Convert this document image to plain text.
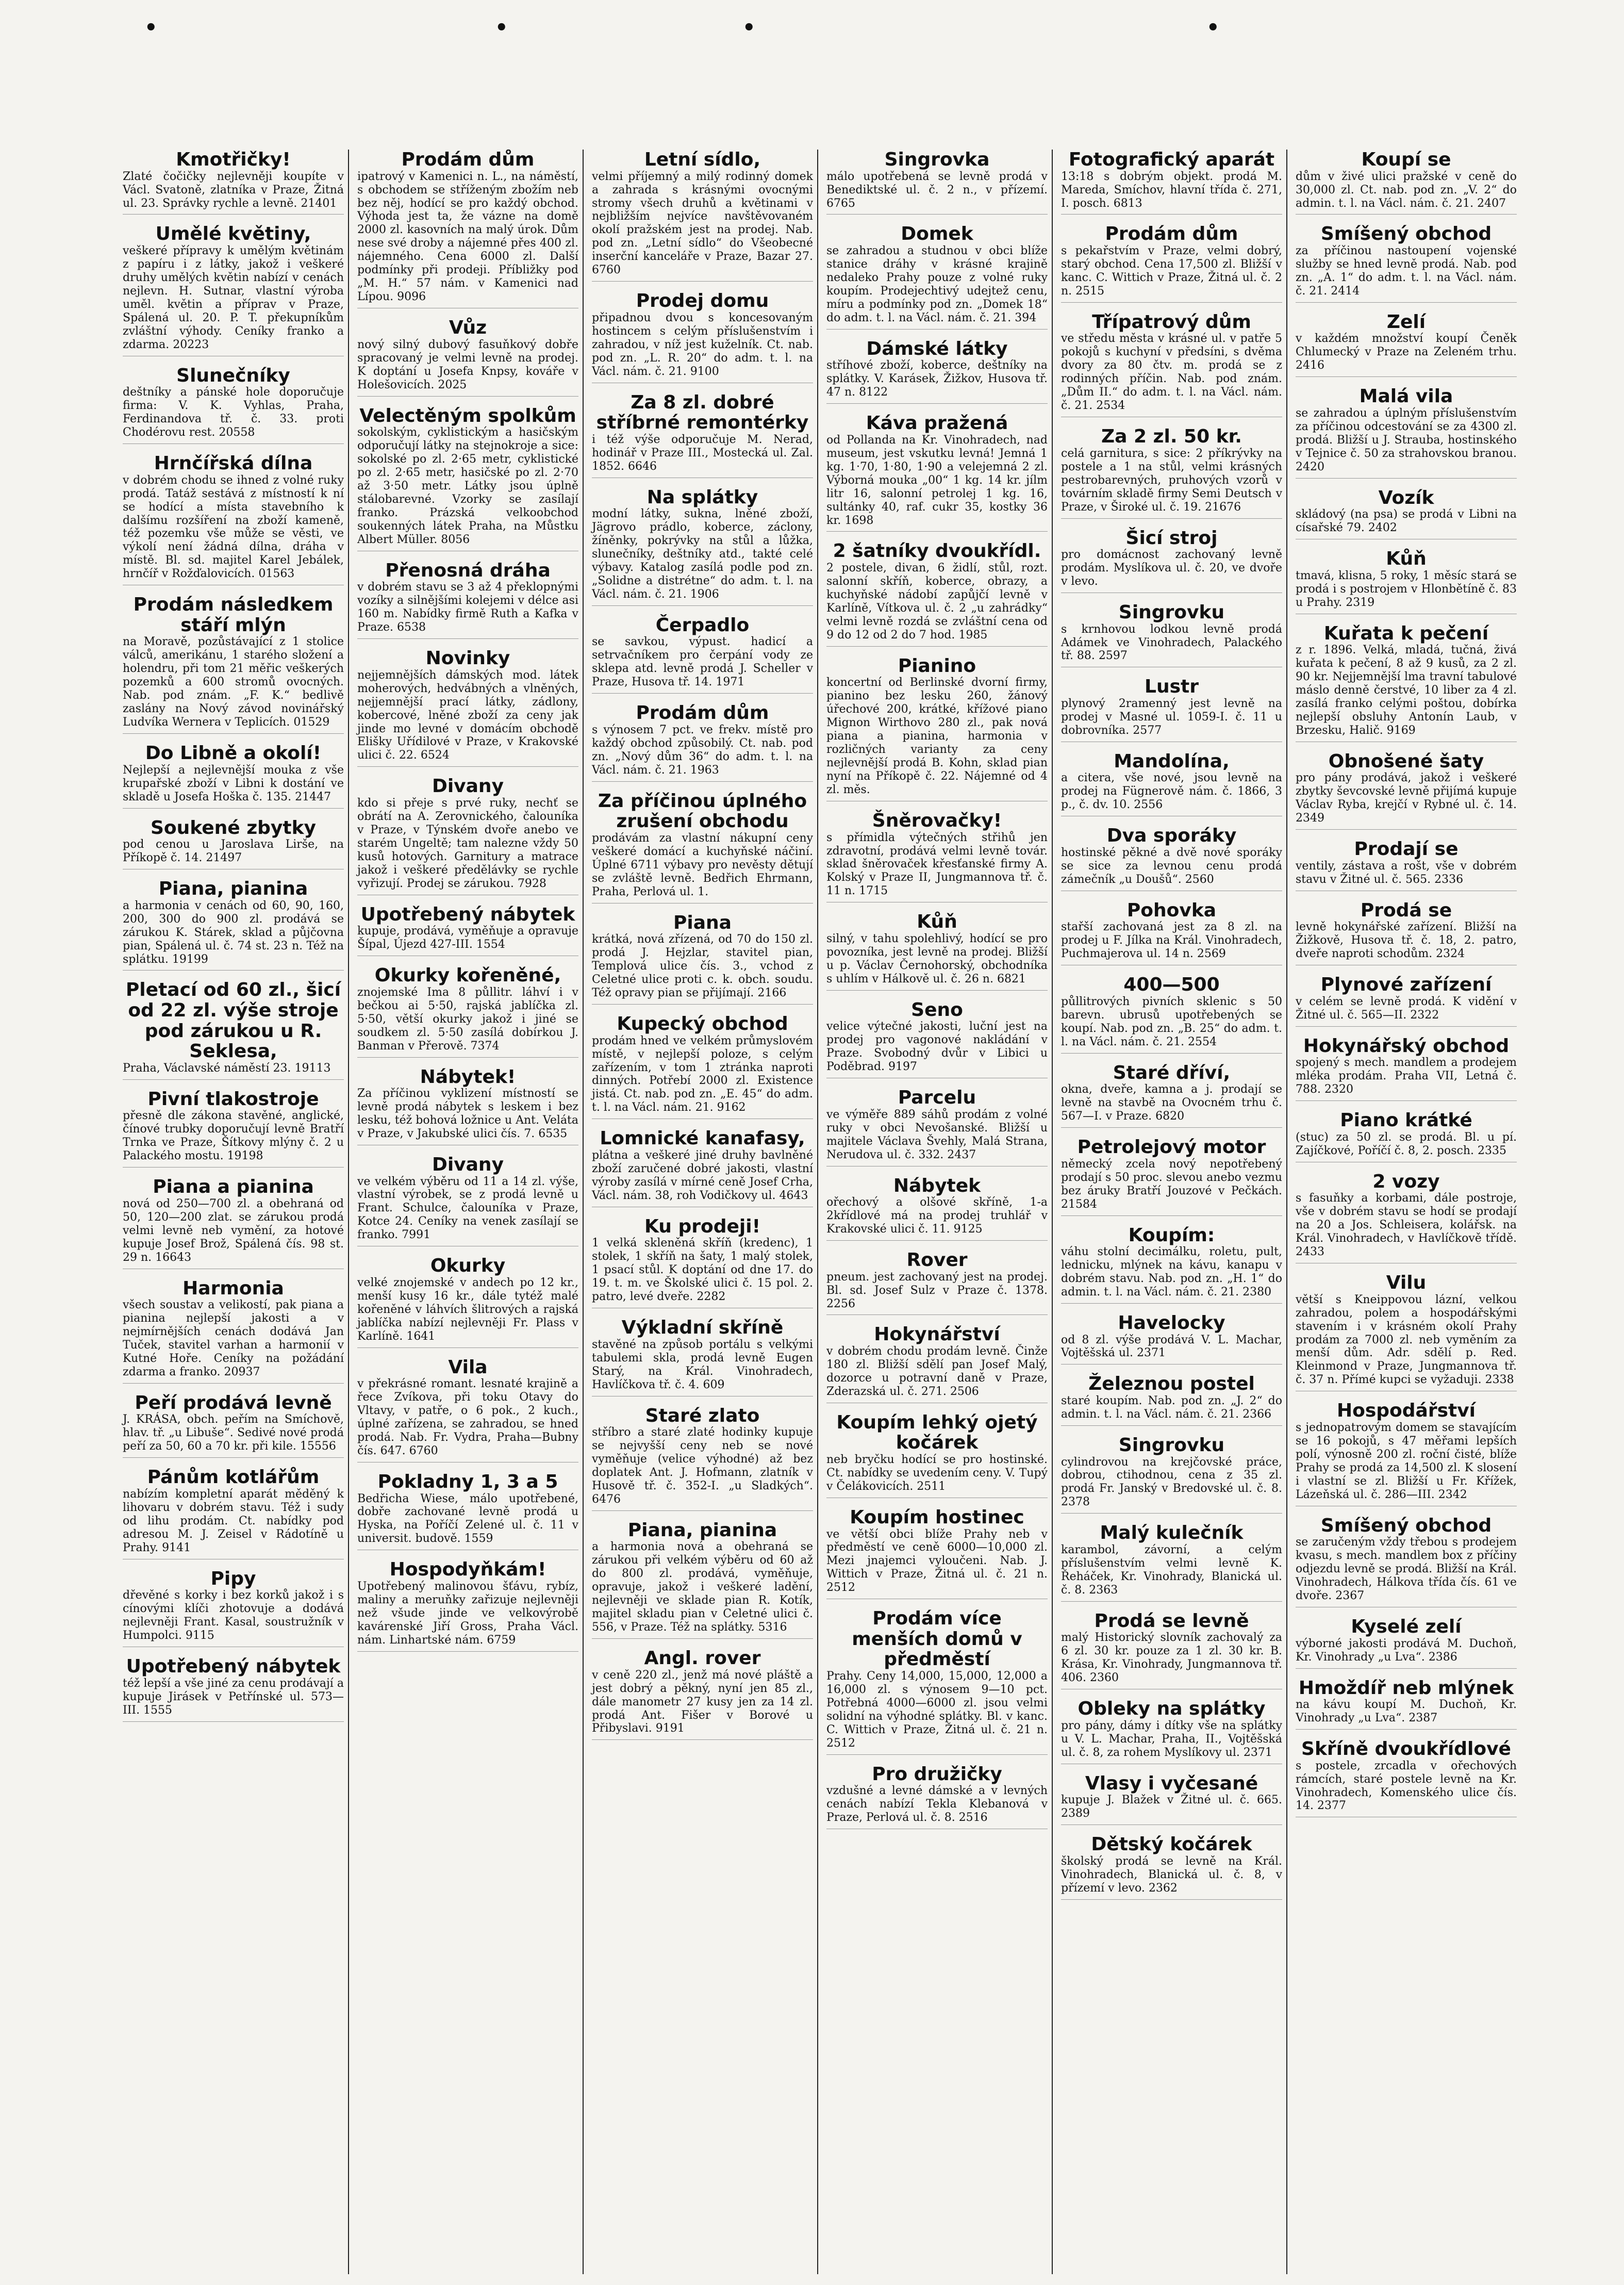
•	•	•	•
Kmotřičky!
Zlaté čočičky nejlevněji koupíte v Václ. Svatoně, zlatníka v Praze, Žitná ul. 23. Správky rychle a levně. 21401
Umělé květiny,
veškeré přípravy k umělým květinám z papíru i z látky, jakož i veškeré druhy umělých květin nabízí v cenách nejlevn. H. Sutnar, vlastní výroba uměl. květin a příprav v Praze, Spálená ul. 20. P. T. překupníkům zvláštní výhody. Ceníky franko a zdarma. 20223
Slunečníky
deštníky a pánské hole doporučuje firma: V. K. Vyhlas, Praha, Ferdinandova tř. č. 33. proti Chodérovu rest. 20558
Hrnčířská dílna
v dobrém chodu se ihned z volné ruky prodá. Tatáž sestává z místností k ní se hodící a místa stavebního k dalšímu rozšíření na zboží kameně, též pozemku vše může se věsti, ve výkolí není žádná dílna, dráha v místě. Bl. sd. majitel Karel Jebálek, hrnčíř v Rožďalovicích. 01563
Prodám následkem stáří mlýn
na Moravě, pozůstávající z 1 stolice válců, amerikánu, 1 starého složení a holendru, při tom 21 měřic veškerých pozemků a 600 stromů ovocných. Nab. pod znám. „F. K.“ bedlivě zaslány na Nový závod novinářský Ludvíka Wernera v Teplicích. 01529
Do Libně a okolí!
Nejlepší a nejlevnější mouka z vše krupařské zboží v Libni k dostání ve skladě u Josefa Hoška č. 135. 21447
Soukené zbytky
pod cenou u Jaroslava Lirše, na Příkopě č. 14. 21497
Piana, pianina
a harmonia v cenách od 60, 90, 160, 200, 300 do 900 zl. prodává se zárukou K. Stárek, sklad a půjčovna pian, Spálená ul. č. 74 st. 23 n. Též na splátku. 19199
Pletací od 60 zl., šicí od 22 zl. výše stroje pod zárukou u R. Seklesa,
Praha, Václavské náměstí 23. 19113
Pivní tlakostroje
přesně dle zákona stavěné, anglické, čínové trubky doporučují levně Bratří Trnka ve Praze, Šítkovy mlýny č. 2 u Palackého mostu. 19198
Piana a pianina
nová od 250—700 zl. a obehraná od 50, 120—200 zlat. se zárukou prodá velmi levně neb vymění, za hotové kupuje Josef Brož, Spálená čís. 98 st. 29 n. 16643
Harmonia
všech soustav a velikostí, pak piana a pianina nejlepší jakosti a v nejmírnějších cenách dodává Jan Tuček, stavitel varhan a harmonií v Kutné Hoře. Ceníky na požádání zdarma a franko. 20937
Peří prodává levně
J. KRÁSA, obch. peřím na Smíchově, hlav. tř. „u Libuše“. Sedivé nové prodá peří za 50, 60 a 70 kr. při kile. 15556
Pánům kotlářům
nabízím kompletní aparát měděný k lihovaru v dobrém stavu. Též i sudy od lihu prodám. Ct. nabídky pod adresou M. J. Zeisel v Rádotíně u Prahy. 9141
Pipy
dřevěné s korky i bez korků jakož i s cínovými klíči zhotovuje a dodává nejlevněji Frant. Kasal, soustružník v Humpolci. 9115
Upotřebený nábytek
též lepší a vše jiné za cenu prodávají a kupuje Jirásek v Petřínské ul. 573—III. 1555
Prodám dům
ipatrový v Kamenici n. L., na náměstí, s obchodem se stříženým zbožím neb bez něj, hodící se pro každý obchod. Výhoda jest ta, že vázne na domě 2000 zl. kasovních na malý úrok. Dům nese své droby a nájemné přes 400 zl. nájemného. Cena 6000 zl. Další podmínky při prodeji. Příbližky pod „M. H.“ 57 nám. v Kamenici nad Lípou. 9096
Vůz
nový silný dubový fasuňkový dobře spracovaný je velmi levně na prodej. K doptání u Josefa Knpsy, kováře v Holešovicích. 2025
Velectěným spolkům
sokolským, cyklistickým a hasičským odporučují látky na stejnokroje a sice: sokolské po zl. 2·65 metr, cyklistické po zl. 2·65 metr, hasičské po zl. 2·70 až 3·50 metr. Látky jsou úplně stálobarevné. Vzorky se zasílají franko. Prázská velkoobchod soukenných látek Praha, na Můstku Albert Müller. 8056
Přenosná dráha
v dobrém stavu se 3 až 4 překlopnými vozíky a silnějšími kolejemi v délce asi 160 m. Nabídky firmě Ruth a Kafka v Praze. 6538
Novinky
nejjemnějších dámských mod. látek moherových, hedvábných a vlněných, nejjemnější prací látky, zádlony, kobercové, lněné zboží za ceny jak jinde mo levné v domácím obchodě Elišky Uřídilové v Praze, v Krakovské ulici č. 22. 6524
Divany
kdo si přeje s prvé ruky, nechť se obrátí na A. Zerovnického, čalouníka v Praze, v Týnském dvoře anebo ve starém Ungeltě; tam nalezne vždy 50 kusů hotových. Garnitury a matrace jakož i veškeré předělávky se rychle vyřizují. Prodej se zárukou. 7928
Upotřebený nábytek
kupuje, prodává, vyměňuje a opravuje Šípal, Újezd 427-III. 1554
Okurky kořeněné,
znojemské Ima 8 půllitr. láhví i v bečkou ai 5·50, rajská jablíčka zl. 5·50, větší okurky jakož i jiné se soudkem zl. 5·50 zasílá dobírkou J. Banman v Přerově. 7374
Nábytek!
Za příčinou vyklizení místností se levně prodá nábytek s leskem i bez lesku, též bohová ložnice u Ant. Veláta v Praze, v Jakubské ulici čís. 7. 6535
Divany
ve velkém výběru od 11 a 14 zl. výše, vlastní výrobek, se z prodá levně u Frant. Schulce, čalouníka v Praze, Kotce 24. Ceníky na venek zasílají se franko. 7991
Okurky
velké znojemské v andech po 12 kr., menší kusy 16 kr., dále tytéž malé kořeněné v láhvích šlitrových a rajská jablíčka nabízí nejlevněji Fr. Plass v Karlíně. 1641
Vila
v překrásné romant. lesnaté krajině a řece Zvíkova, při toku Otavy do Vltavy, v patře, o 6 pok., 2 kuch., úplné zařízena, se zahradou, se hned prodá. Nab. Fr. Vydra, Praha—Bubny čís. 647. 6760
Pokladny 1, 3 a 5
Bedřicha Wiese, málo upotřebené, dobře zachované levně prodá u Hyska, na Poříčí Zelené ul. č. 11 v universit. budově. 1559
Hospodyňkám!
Upotřebený malinovou šťávu, rybíz, maliny a meruňky zařizuje nejlevněji než všude jinde ve velkovýrobě kavárenské Jiří Gross, Praha Václ. nám. Linhartské nám. 6759
Letní sídlo,
velmi příjemný a milý rodinný domek a zahrada s krásnými ovocnými stromy všech druhů a květinami v nejbližším nejvíce navštěvovaném okolí pražském jest na prodej. Nab. pod zn. „Letní sídlo“ do Všeobecné inserční kanceláře v Praze, Bazar 27. 6760
Prodej domu
připadnou dvou s koncesovaným hostincem s celým příslušenstvím i zahradou, v níž jest kuželník. Ct. nab. pod zn. „L. R. 20“ do adm. t. l. na Václ. nám. č. 21. 9100
Za 8 zl. dobré stříbrné remontérky
i též výše odporučuje M. Nerad, hodinář v Praze III., Mostecká ul. Zal. 1852. 6646
Na splátky
modní látky, sukna, lněné zboží, Jägrovo prádlo, koberce, záclony, žíněnky, pokrývky na stůl a lůžka, slunečníky, deštníky atd., takté celé výbavy. Katalog zasílá podle pod zn. „Solidne a distrétne“ do adm. t. l. na Václ. nám. č. 21. 1906
Čerpadlo
se savkou, výpust. hadicí a setrvačníkem pro čerpání vody ze sklepa atd. levně prodá J. Scheller v Praze, Husova tř. 14. 1971
Prodám dům
s výnosem 7 pct. ve frekv. místě pro každý obchod způsobilý. Ct. nab. pod zn. „Nový dům 36“ do adm. t. l. na Václ. nám. č. 21. 1963
Za příčinou úplného zrušení obchodu
prodávám za vlastní nákupní ceny veškeré domácí a kuchyňské náčiní. Úplné 6711 výbavy pro nevěsty dětují se zvláště levně. Bedřich Ehrmann, Praha, Perlová ul. 1.
Piana
krátká, nová zřízená, od 70 do 150 zl. prodá J. Hejzlar, stavitel pian, Templová ulice čís. 3., vchod z Celetné ulice proti c. k. obch. soudu. Též opravy pian se přijímají. 2166
Kupecký obchod
prodám hned ve velkém průmyslovém místě, v nejlepší poloze, s celým zařízením, v tom 1 ztránka naproti dinných. Potřebí 2000 zl. Existence jistá. Ct. nab. pod zn. „E. 45“ do adm. t. l. na Václ. nám. 21. 9162
Lomnické kanafasy,
plátna a veškeré jiné druhy bavlněné zboží zaručené dobré jakosti, vlastní výroby zasílá v mírné ceně Josef Crha, Václ. nám. 38, roh Vodičkovy ul. 4643
Ku prodeji!
1 velká skleněná skříň (kredenc), 1 stolek, 1 skříň na šaty, 1 malý stolek, 1 psací stůl. K doptání od dne 17. do 19. t. m. ve Školské ulici č. 15 pol. 2. patro, levé dveře. 2282
Výkladní skříně
stavěné na způsob portálu s velkými tabulemi skla, prodá levně Eugen Starý, na Král. Vinohradech, Havlíčkova tř. č. 4. 609
Staré zlato
stříbro a staré zlaté hodinky kupuje se nejvyšší ceny neb se nové vyměňuje (velice výhodné) až bez doplatek Ant. J. Hofmann, zlatník v Husově tř. č. 352-I. „u Sladkých“. 6476
Piana, pianina
a harmonia nová a obehraná se zárukou při velkém výběru od 60 až do 800 zl. prodává, vyměňuje, opravuje, jakož i veškeré ladění, nejlevněji ve sklade pian R. Kotík, majitel skladu pian v Celetné ulici č. 556, v Praze. Též na splátky. 5316
Angl. rover
v ceně 220 zl., jenž má nové pláště a jest dobrý a pěkný, nyní jen 85 zl., dále manometr 27 kusy jen za 14 zl. prodá Ant. Fišer v Borové u Přibyslavi. 9191
Singrovka
málo upotřebená se levně prodá v Benediktské ul. č. 2 n., v přízemí. 6765
Domek
se zahradou a studnou v obci blíže stanice dráhy v krásné krajině nedaleko Prahy pouze z volné ruky koupím. Prodejechtivý udejtež cenu, míru a podmínky pod zn. „Domek 18“ do adm. t. l. na Václ. nám. č. 21. 394
Dámské látky
stříhové zboží, koberce, deštníky na splátky. V. Karásek, Žižkov, Husova tř. 47 n. 8122
Káva pražená
od Pollanda na Kr. Vinohradech, nad museum, jest vskutku levná! Jemná 1 kg. 1·70, 1·80, 1·90 a velejemná 2 zl. Výborná mouka „00“ 1 kg. 14 kr. jílm litr 16, salonní petrolej 1 kg. 16, sultánky 40, raf. cukr 35, kostky 36 kr. 1698
2 šatníky dvoukřídl.
2 postele, divan, 6 židlí, stůl, rozt. salonní skříň, koberce, obrazy, a kuchyňské nádobí zapůjčí levně v Karlíně, Vítkova ul. č. 2 „u zahrádky“ velmi levně rozdá se zvláštní cena od 9 do 12 od 2 do 7 hod. 1985
Pianino
koncertní od Berlinské dvorní firmy, pianino bez lesku 260, žánový úřechové 200, krátké, křížové piano Mignon Wirthovo 280 zl., pak nová piana a pianina, harmonia v rozličných varianty za ceny nejlevnější prodá B. Kohn, sklad pian nyní na Příkopě č. 22. Nájemné od 4 zl. měs.
Šněrovačky!
s přímidla výtečných střihů jen zdravotní, prodává velmi levně továr. sklad šněrovaček křesťanské firmy A. Kolský v Praze II, Jungmannova tř. č. 11 n. 1715
Kůň
silný, v tahu spolehlivý, hodící se pro povozníka, jest levně na prodej. Bližší u p. Václav Černohorský, obchodníka s uhlím v Hálkově ul. č. 26 n. 6821
Seno
velice výtečné jakosti, luční jest na prodej pro vagonové nakládání v Praze. Svobodný dvůr v Libici u Poděbrad. 9197
Parcelu
ve výměře 889 sáhů prodám z volné ruky v obci Nevošanské. Bližší u majitele Václava Švehly, Malá Strana, Nerudova ul. č. 332. 2437
Nábytek
ořechový a olšové skříně, 1-a 2křídlové má na prodej truhlář v Krakovské ulici č. 11. 9125
Rover
pneum. jest zachovaný jest na prodej. Bl. sd. Josef Sulz v Praze č. 1378. 2256
Hokynářství
v dobrém chodu prodám levně. Činže 180 zl. Bližší sdělí pan Josef Malý, dozorce u potravní daně v Praze, Zderazská ul. č. 271. 2506
Koupím lehký ojetý kočárek
neb bryčku hodící se pro hostinské. Ct. nabídky se uvedením ceny. V. Tupý v Čelákovicích. 2511
Koupím hostinec
ve větší obci blíže Prahy neb v předměstí ve ceně 6000—10,000 zl. Mezi jnajemci vyloučeni. Nab. J. Wittich v Praze, Žitná ul. č. 21 n. 2512
Prodám více menších domů v předměstí
Prahy. Ceny 14,000, 15,000, 12,000 a 16,000 zl. s výnosem 9—10 pct. Potřebná 4000—6000 zl. jsou velmi solidní na výhodné splátky. Bl. v kanc. C. Wittich v Praze, Žitná ul. č. 21 n. 2512
Pro družičky
vzdušné a levné dámské a v levných cenách nabízí Tekla Klebanová v Praze, Perlová ul. č. 8. 2516
Fotografický aparát
13:18 s dobrým objekt. prodá M. Mareda, Smíchov, hlavní třída č. 271, I. posch. 6813
Prodám dům
s pekařstvím v Praze, velmi dobrý, starý obchod. Cena 17,500 zl. Bližší v kanc. C. Wittich v Praze, Žitná ul. č. 2 n. 2515
Třípatrový dům
ve středu města v krásné ul. v patře 5 pokojů s kuchyní v předsíni, s dvěma dvory za 80 čtv. m. prodá se z rodinných příčin. Nab. pod znám. „Dům II.“ do adm. t. l. na Václ. nám. č. 21. 2534
Za 2 zl. 50 kr.
celá garnitura, s sice: 2 příkrývky na postele a 1 na stůl, velmi krásných pestrobarevných, pruhových vzorů v továrním skladě firmy Semi Deutsch v Praze, v Široké ul. č. 19. 21676
Šicí stroj
pro domácnost zachovaný levně prodám. Myslíkova ul. č. 20, ve dvoře v levo.
Singrovku
s krnhovou lodkou levně prodá Adámek ve Vinohradech, Palackého tř. 88. 2597
Lustr
plynový 2ramenný jest levně na prodej v Masné ul. 1059-I. č. 11 u dobrovníka. 2577
Mandolína,
a citera, vše nové, jsou levně na prodej na Fügnerově nám. č. 1866, 3 p., č. dv. 10. 2556
Dva sporáky
hostinské pěkné a dvě nové sporáky se sice za levnou cenu prodá zámečník „u Doušů“. 2560
Pohovka
stařší zachovaná jest za 8 zl. na prodej u F. Jílka na Král. Vinohradech, Puchmajerova ul. 14 n. 2569
400—500
půllitrových pivních sklenic s 50 barevn. ubrusů upotřebených se koupí. Nab. pod zn. „B. 25“ do adm. t. l. na Václ. nám. č. 21. 2554
Staré dříví,
okna, dveře, kamna a j. prodají se levně na stavbě na Ovocném trhu č. 567—I. v Praze. 6820
Petrolejový motor
německý zcela nový nepotřebený prodají s 50 proc. slevou anebo vezmu bez áruky Bratří Jouzové v Pečkách. 21584
Koupím:
váhu stolní decimálku, roletu, pult, lednicku, mlýnek na kávu, kanapu v dobrém stavu. Nab. pod zn. „H. 1“ do admin. t. l. na Václ. nám. č. 21. 2380
Havelocky
od 8 zl. výše prodává V. L. Machar, Vojtěšská ul. 2371
Železnou postel
staré koupím. Nab. pod zn. „J. 2“ do admin. t. l. na Václ. nám. č. 21. 2366
Singrovku
cylindrovou na krejčovské práce, dobrou, ctihodnou, cena z 35 zl. prodá Fr. Janský v Bredovské ul. č. 8. 2378
Malý kulečník
karambol, závorní, a celým příslušenstvím velmi levně K. Řeháček, Kr. Vinohrady, Blanická ul. č. 8. 2363
Prodá se levně
malý Historický slovník zachovalý za 6 zl. 30 kr. pouze za 1 zl. 30 kr. B. Krása, Kr. Vinohrady, Jungmannova tř. 406. 2360
Obleky na splátky
pro pány, dámy i dítky vše na splátky u V. L. Machar, Praha, II., Vojtěšská ul. č. 8, za rohem Myslíkovy ul. 2371
Vlasy i vyčesané
kupuje J. Blažek v Žitné ul. č. 665. 2389
Dětský kočárek
školský prodá se levně na Král. Vinohradech, Blanická ul. č. 8, v přízemí v levo. 2362
Koupí se
dům v živé ulici pražské v ceně do 30,000 zl. Ct. nab. pod zn. „V. 2“ do admin. t. l. na Václ. nám. č. 21. 2407
Smíšený obchod
za příčinou nastoupení vojenské služby se hned levně prodá. Nab. pod zn. „A. 1“ do adm. t. l. na Václ. nám. č. 21. 2414
Zelí
v každém množství koupí Čeněk Chlumecký v Praze na Zeleném trhu. 2416
Malá vila
se zahradou a úplným příslušenstvím za příčinou odcestování se za 4300 zl. prodá. Bližší u J. Strauba, hostinského v Tejnice č. 50 za strahovskou branou. 2420
Vozík
skládový (na psa) se prodá v Libni na císařské 79. 2402
Kůň
tmavá, klisna, 5 roky, 1 měsíc stará se prodá i s postrojem v Hlonbětíně č. 83 u Prahy. 2319
Kuřata k pečení
z r. 1896. Velká, mladá, tučná, živá kuřata k pečení, 8 až 9 kusů, za 2 zl. 90 kr. Nejjemnější lma travní tabulové máslo denně čerstvé, 10 liber za 4 zl. zasílá franko celými poštou, dobírka nejlepší obsluhy Antonín Laub, v Brzesku, Halič. 9169
Obnošené šaty
pro pány prodává, jakož i veškeré zbytky ševcovské levně přijímá kupuje Václav Ryba, krejčí v Rybné ul. č. 14. 2349
Prodají se
ventily, zástava a rošt, vše v dobrém stavu v Žitné ul. č. 565. 2336
Prodá se
levně hokynářské zařízení. Bližší na Žižkově, Husova tř. č. 18, 2. patro, dveře naproti schodům. 2324
Plynové zařízení
v celém se levně prodá. K vidění v Žitné ul. č. 565—II. 2322
Hokynářský obchod
spojený s mech. mandlem a prodejem mléka prodám. Praha VII, Letná č. 788. 2320
Piano krátké
(stuc) za 50 zl. se prodá. Bl. u pí. Zajíčkové, Poříčí č. 8, 2. posch. 2335
2 vozy
s fasuňky a korbami, dále postroje, vše v dobrém stavu se hodí se prodají na 20 a Jos. Schleisera, kolářsk. na Král. Vinohradech, v Havlíčkově třídě. 2433
Vilu
větší s Kneippovou lázní, velkou zahradou, polem a hospodářskými stavením i v krásném okolí Prahy prodám za 7000 zl. neb vyměním za menší dům. Adr. sdělí p. Red. Kleinmond v Praze, Jungmannova tř. č. 37 n. Přímé kupci se vyžaduji. 2338
Hospodářství
s jednopatrovým domem se stavajícím se 16 pokojů, s 47 měřami lepších polí, výnosně 200 zl. roční čisté, blíže Prahy se prodá za 14,500 zl. K slosení i vlastní se zl. Bližší u Fr. Křížek, Lázeňská ul. č. 286—III. 2342
Smíšený obchod
se zaručeným vždy třebou s prodejem kvasu, s mech. mandlem box z příčiny odjezdu levně se prodá. Bližší na Král. Vinohradech, Hálkova třída čís. 61 ve dvoře. 2367
Kyselé zelí
výborné jakosti prodává M. Duchoň, Kr. Vinohrady „u Lva“. 2386
Hmoždíř neb mlýnek
na kávu koupí M. Duchoň, Kr. Vinohrady „u Lva“. 2387
Skříně dvoukřídlové
s postele, zrcadla v ořechových rámcích, staré postele levně na Kr. Vinohradech, Komenského ulice čís. 14. 2377
